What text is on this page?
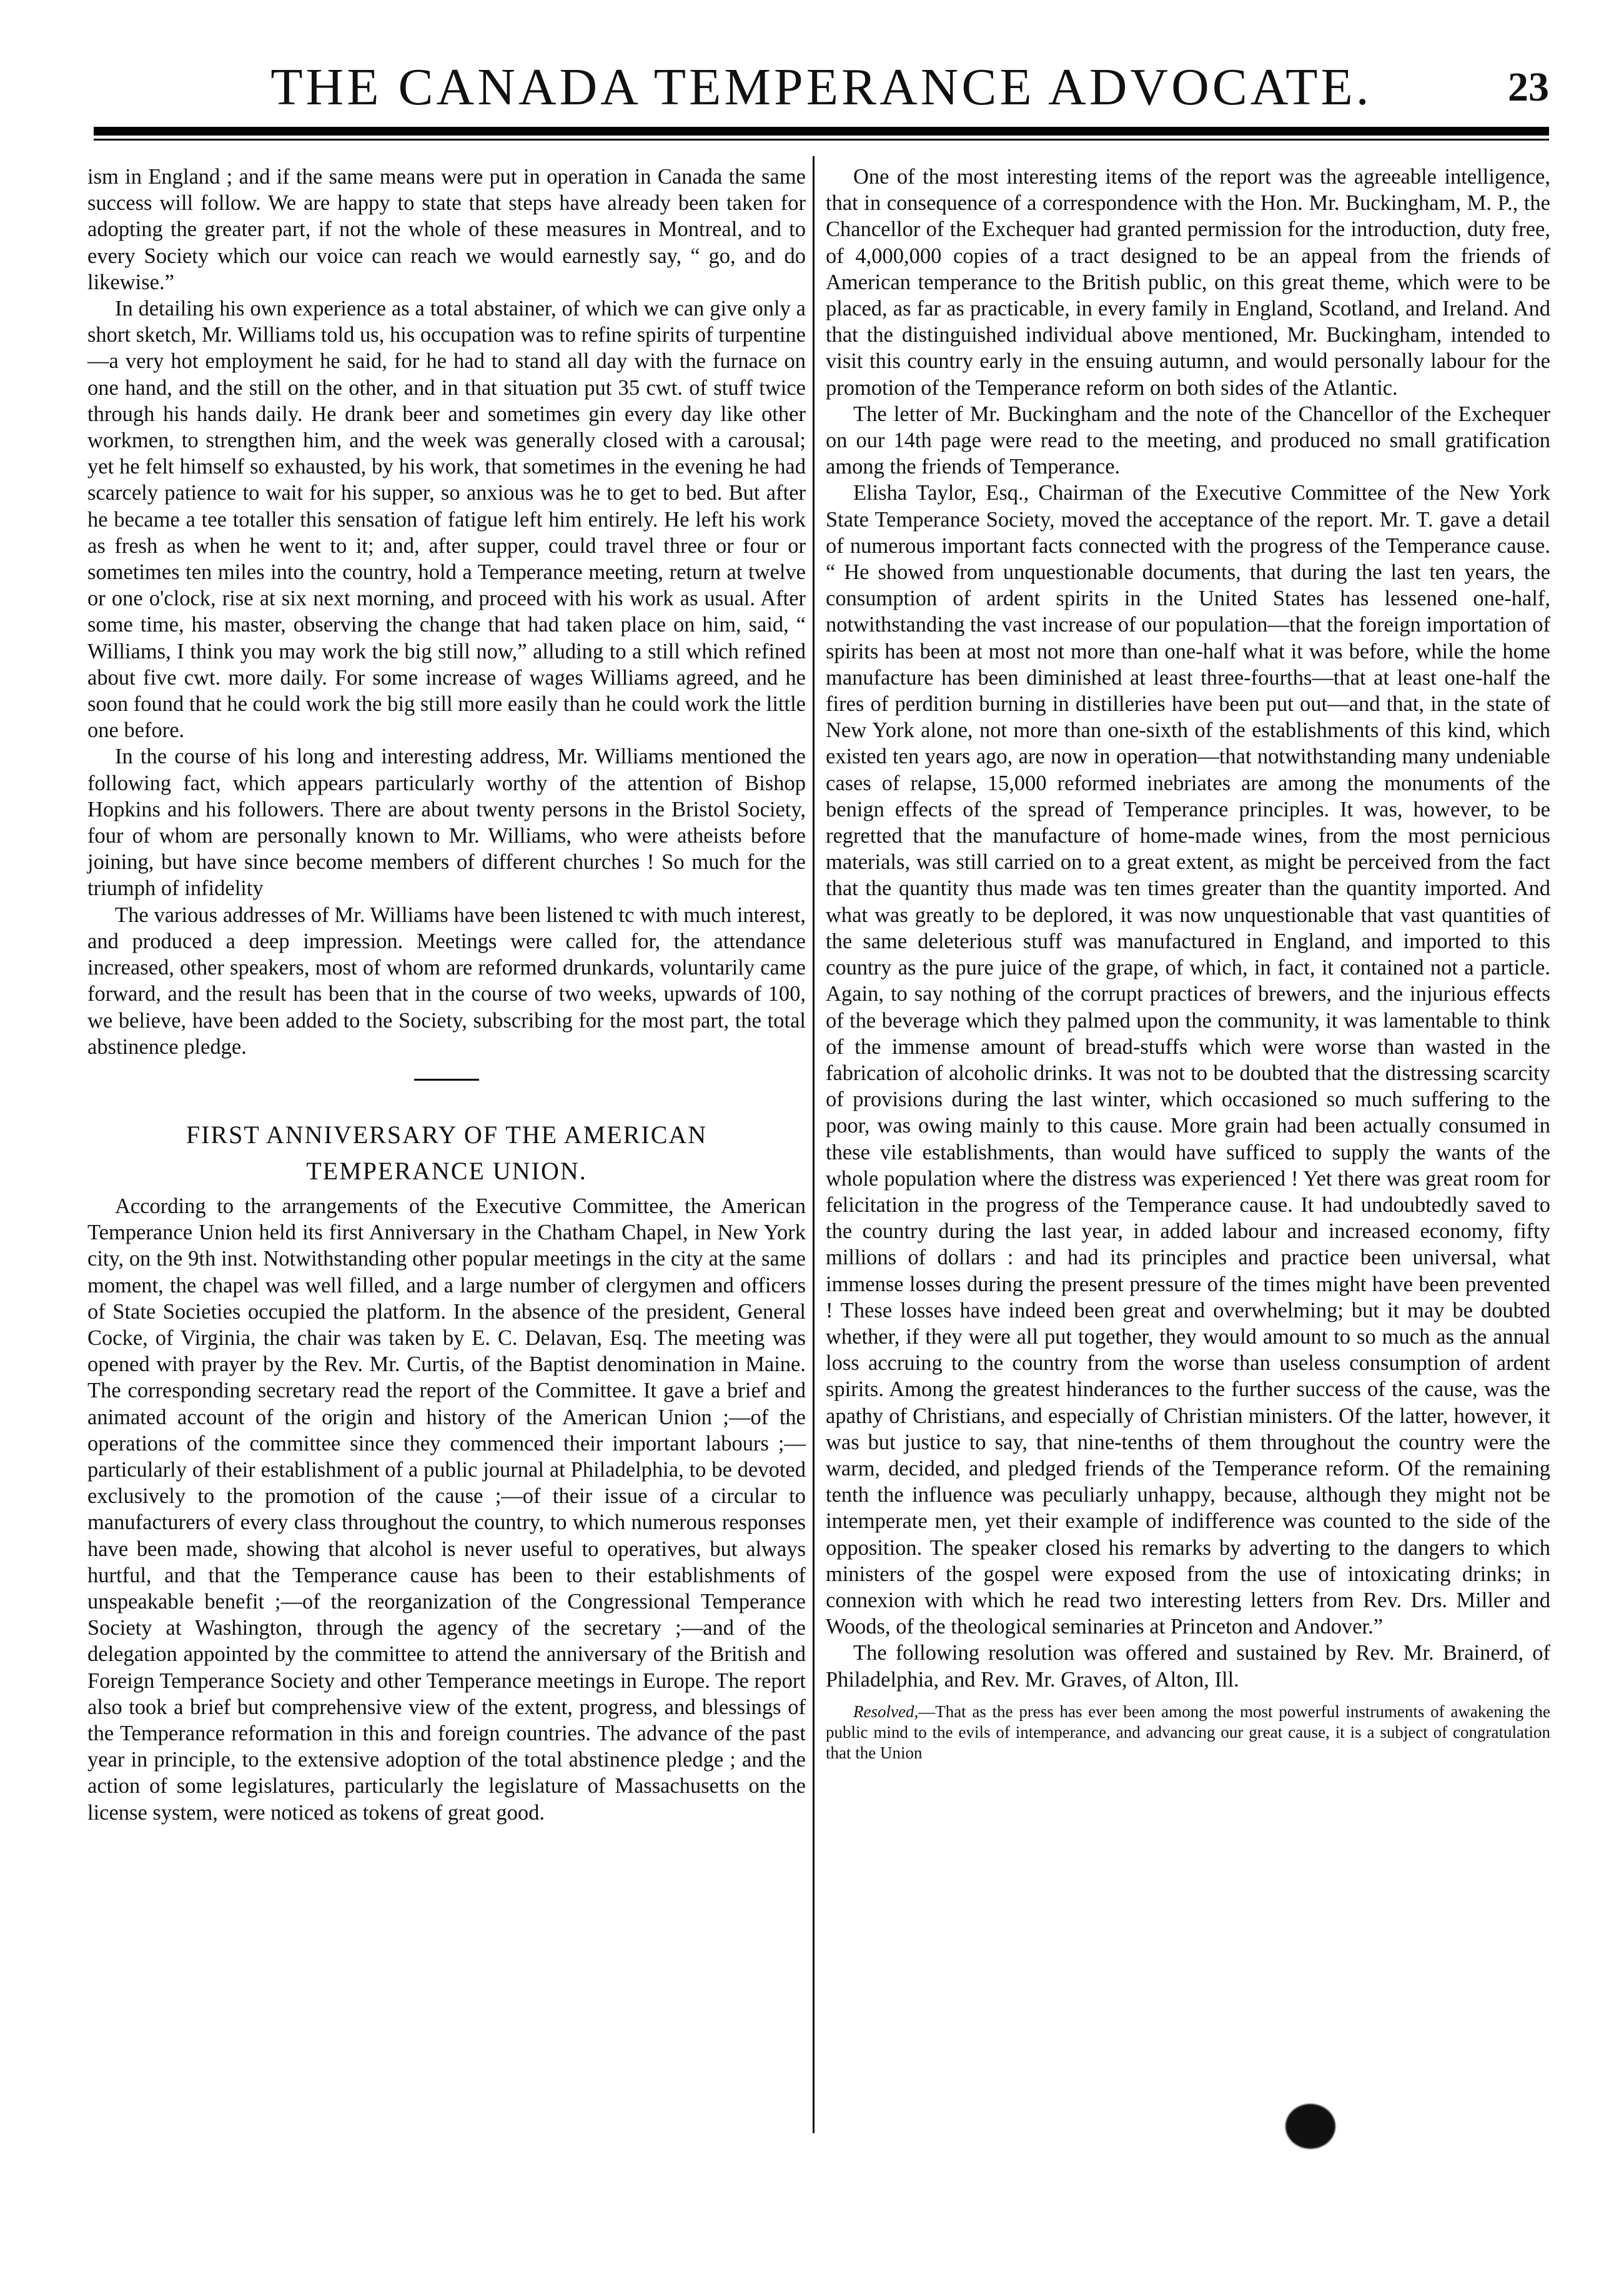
THE CANADA TEMPERANCE ADVOCATE.	23

ism in England ; and if the same means were put in operation in Canada the same success will follow. We are happy to state that steps have already been taken for adopting the greater part, if not the whole of these measures in Montreal, and to every Society which our voice can reach we would earnestly say, “ go, and do likewise.”

In detailing his own experience as a total abstainer, of which we can give only a short sketch, Mr. Williams told us, his occupation was to refine spirits of turpentine—a very hot employment he said, for he had to stand all day with the furnace on one hand, and the still on the other, and in that situation put 35 cwt. of stuff twice through his hands daily. He drank beer and sometimes gin every day like other workmen, to strengthen him, and the week was generally closed with a carousal; yet he felt himself so exhausted, by his work, that sometimes in the evening he had scarcely patience to wait for his supper, so anxious was he to get to bed. But after he became a tee totaller this sensation of fatigue left him entirely. He left his work as fresh as when he went to it; and, after supper, could travel three or four or sometimes ten miles into the country, hold a Temperance meeting, return at twelve or one o'clock, rise at six next morning, and proceed with his work as usual. After some time, his master, observing the change that had taken place on him, said, “ Williams, I think you may work the big still now,” alluding to a still which refined about five cwt. more daily. For some increase of wages Williams agreed, and he soon found that he could work the big still more easily than he could work the little one before.

In the course of his long and interesting address, Mr. Williams mentioned the following fact, which appears particularly worthy of the attention of Bishop Hopkins and his followers. There are about twenty persons in the Bristol Society, four of whom are personally known to Mr. Williams, who were atheists before joining, but have since become members of different churches ! So much for the triumph of infidelity

The various addresses of Mr. Williams have been listened tc with much interest, and produced a deep impression. Meetings were called for, the attendance increased, other speakers, most of whom are reformed drunkards, voluntarily came forward, and the result has been that in the course of two weeks, upwards of 100, we believe, have been added to the Society, subscribing for the most part, the total abstinence pledge.

FIRST ANNIVERSARY OF THE AMERICAN
TEMPERANCE UNION.

According to the arrangements of the Executive Committee, the American Temperance Union held its first Anniversary in the Chatham Chapel, in New York city, on the 9th inst. Notwithstanding other popular meetings in the city at the same moment, the chapel was well filled, and a large number of clergymen and officers of State Societies occupied the platform. In the absence of the president, General Cocke, of Virginia, the chair was taken by E. C. Delavan, Esq. The meeting was opened with prayer by the Rev. Mr. Curtis, of the Baptist denomination in Maine. The corresponding secretary read the report of the Committee. It gave a brief and animated account of the origin and history of the American Union ;—of the operations of the committee since they commenced their important labours ;—particularly of their establishment of a public journal at Philadelphia, to be devoted exclusively to the promotion of the cause ;—of their issue of a circular to manufacturers of every class throughout the country, to which numerous responses have been made, showing that alcohol is never useful to operatives, but always hurtful, and that the Temperance cause has been to their establishments of unspeakable benefit ;—of the reorganization of the Congressional Temperance Society at Washington, through the agency of the secretary ;—and of the delegation appointed by the committee to attend the anniversary of the British and Foreign Temperance Society and other Temperance meetings in Europe. The report also took a brief but comprehensive view of the extent, progress, and blessings of the Temperance reformation in this and foreign countries. The advance of the past year in principle, to the extensive adoption of the total abstinence pledge ; and the action of some legislatures, particularly the legislature of Massachusetts on the license system, were noticed as tokens of great good.

One of the most interesting items of the report was the agreeable intelligence, that in consequence of a correspondence with the Hon. Mr. Buckingham, M. P., the Chancellor of the Exchequer had granted permission for the introduction, duty free, of 4,000,000 copies of a tract designed to be an appeal from the friends of American temperance to the British public, on this great theme, which were to be placed, as far as practicable, in every family in England, Scotland, and Ireland. And that the distinguished individual above mentioned, Mr. Buckingham, intended to visit this country early in the ensuing autumn, and would personally labour for the promotion of the Temperance reform on both sides of the Atlantic.

The letter of Mr. Buckingham and the note of the Chancellor of the Exchequer on our 14th page were read to the meeting, and produced no small gratification among the friends of Temperance.

Elisha Taylor, Esq., Chairman of the Executive Committee of the New York State Temperance Society, moved the acceptance of the report. Mr. T. gave a detail of numerous important facts connected with the progress of the Temperance cause. “ He showed from unquestionable documents, that during the last ten years, the consumption of ardent spirits in the United States has lessened one-half, notwithstanding the vast increase of our population—that the foreign importation of spirits has been at most not more than one-half what it was before, while the home manufacture has been diminished at least three-fourths—that at least one-half the fires of perdition burning in distilleries have been put out—and that, in the state of New York alone, not more than one-sixth of the establishments of this kind, which existed ten years ago, are now in operation—that notwithstanding many undeniable cases of relapse, 15,000 reformed inebriates are among the monuments of the benign effects of the spread of Temperance principles. It was, however, to be regretted that the manufacture of home-made wines, from the most pernicious materials, was still carried on to a great extent, as might be perceived from the fact that the quantity thus made was ten times greater than the quantity imported. And what was greatly to be deplored, it was now unquestionable that vast quantities of the same deleterious stuff was manufactured in England, and imported to this country as the pure juice of the grape, of which, in fact, it contained not a particle. Again, to say nothing of the corrupt practices of brewers, and the injurious effects of the beverage which they palmed upon the community, it was lamentable to think of the immense amount of bread-stuffs which were worse than wasted in the fabrication of alcoholic drinks. It was not to be doubted that the distressing scarcity of provisions during the last winter, which occasioned so much suffering to the poor, was owing mainly to this cause. More grain had been actually consumed in these vile establishments, than would have sufficed to supply the wants of the whole population where the distress was experienced ! Yet there was great room for felicitation in the progress of the Temperance cause. It had undoubtedly saved to the country during the last year, in added labour and increased economy, fifty millions of dollars : and had its principles and practice been universal, what immense losses during the present pressure of the times might have been prevented ! These losses have indeed been great and overwhelming; but it may be doubted whether, if they were all put together, they would amount to so much as the annual loss accruing to the country from the worse than useless consumption of ardent spirits. Among the greatest hinderances to the further success of the cause, was the apathy of Christians, and especially of Christian ministers. Of the latter, however, it was but justice to say, that nine-tenths of them throughout the country were the warm, decided, and pledged friends of the Temperance reform. Of the remaining tenth the influence was peculiarly unhappy, because, although they might not be intemperate men, yet their example of indifference was counted to the side of the opposition. The speaker closed his remarks by adverting to the dangers to which ministers of the gospel were exposed from the use of intoxicating drinks; in connexion with which he read two interesting letters from Rev. Drs. Miller and Woods, of the theological seminaries at Princeton and Andover.”

The following resolution was offered and sustained by Rev. Mr. Brainerd, of Philadelphia, and Rev. Mr. Graves, of Alton, Ill.

Resolved,—That as the press has ever been among the most powerful instruments of awakening the public mind to the evils of intemperance, and advancing our great cause, it is a subject of congratulation that the Union
